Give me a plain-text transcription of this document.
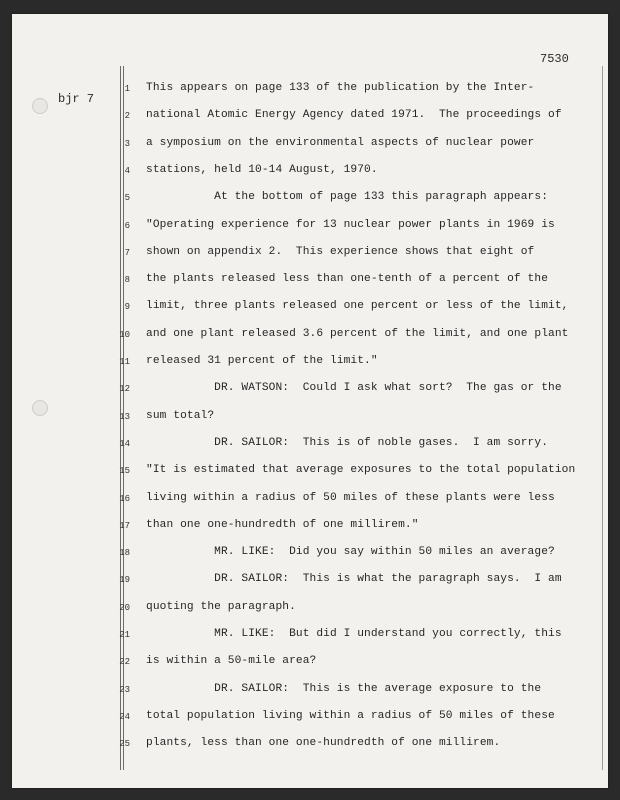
7530
bjr 7
1 This appears on page 133 of the publication by the Inter-
2 national Atomic Energy Agency dated 1971.  The proceedings of
3 a symposium on the environmental aspects of nuclear power
4 stations, held 10-14 August, 1970.
5 At the bottom of page 133 this paragraph appears:
6 "Operating experience for 13 nuclear power plants in 1969 is
7 shown on appendix 2.  This experience shows that eight of
8 the plants released less than one-tenth of a percent of the
9 limit, three plants released one percent or less of the limit,
10 and one plant released 3.6 percent of the limit, and one plant
11 released 31 percent of the limit."
12 DR. WATSON:  Could I ask what sort?  The gas or the
13 sum total?
14 DR. SAILOR:  This is of noble gases.  I am sorry.
15 "It is estimated that average exposures to the total population
16 living within a radius of 50 miles of these plants were less
17 than one one-hundredth of one millirem."
18 MR. LIKE:  Did you say within 50 miles an average?
19 DR. SAILOR:  This is what the paragraph says.  I am
20 quoting the paragraph.
21 MR. LIKE:  But did I understand you correctly, this
22 is within a 50-mile area?
23 DR. SAILOR:  This is the average exposure to the
24 total population living within a radius of 50 miles of these
25 plants, less than one one-hundredth of one millirem.
